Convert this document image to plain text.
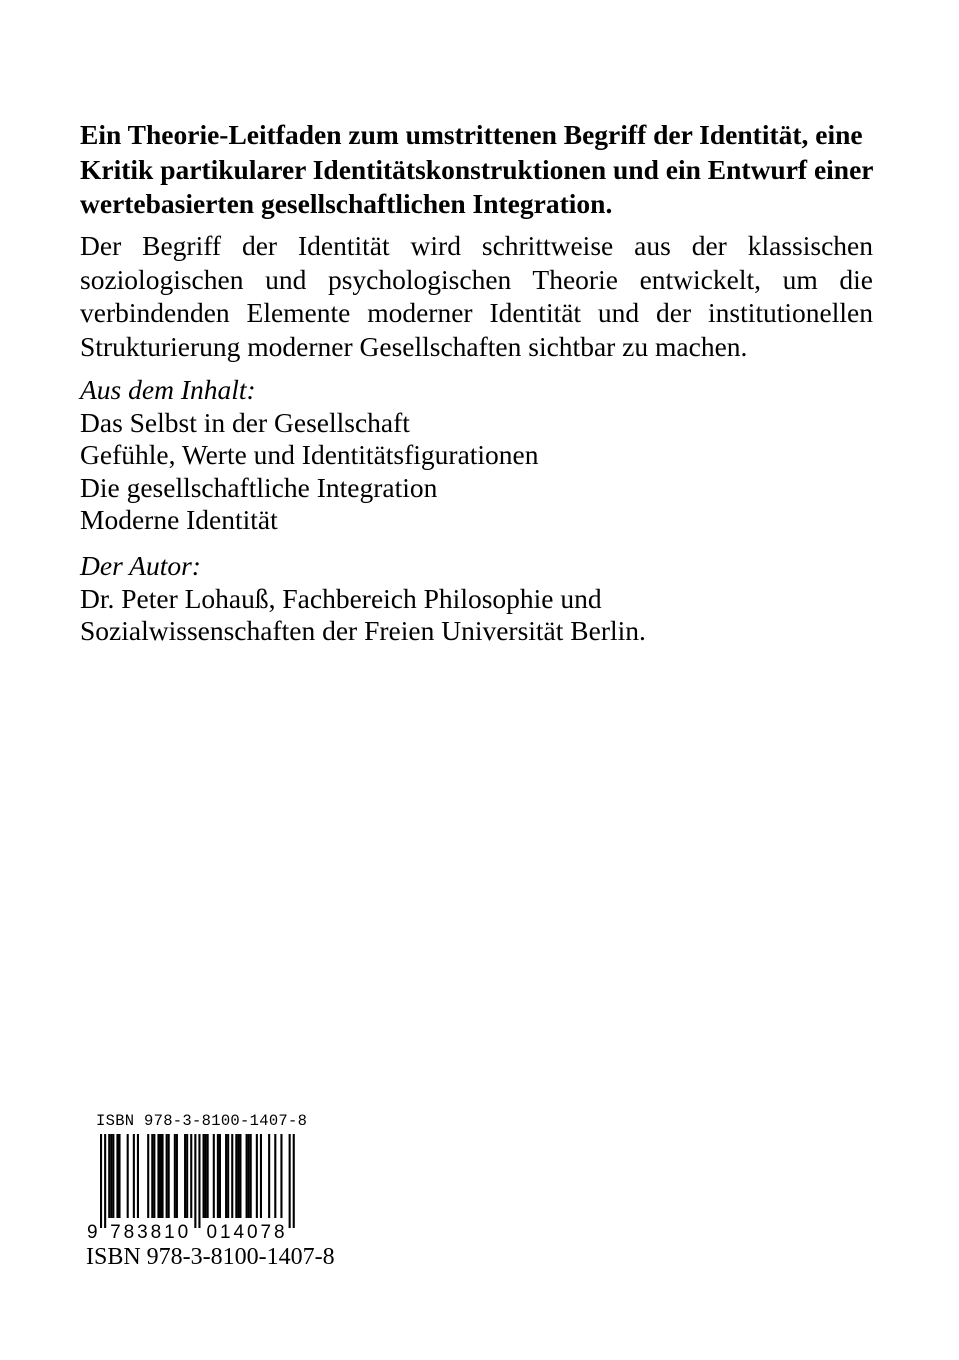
Ein Theorie-Leitfaden zum umstrittenen Begriff der Identität, eine Kritik partikularer Identitätskonstruktionen und ein Entwurf einer wertebasierten gesellschaftlichen Integration.

Der Begriff der Identität wird schrittweise aus der klassischen soziologischen und psychologischen Theorie entwickelt, um die verbindenden Elemente moderner Identität und der institutionellen Strukturierung moderner Gesellschaften sichtbar zu machen.

Aus dem Inhalt:
Das Selbst in der Gesellschaft
Gefühle, Werte und Identitätsfigurationen
Die gesellschaftliche Integration
Moderne Identität
Der Autor:
Dr. Peter Lohauß, Fachbereich Philosophie und
Sozialwissenschaften der Freien Universität Berlin.
ISBN 978-3-8100-1407-8
9 783810 014078
ISBN 978-3-8100-1407-8
